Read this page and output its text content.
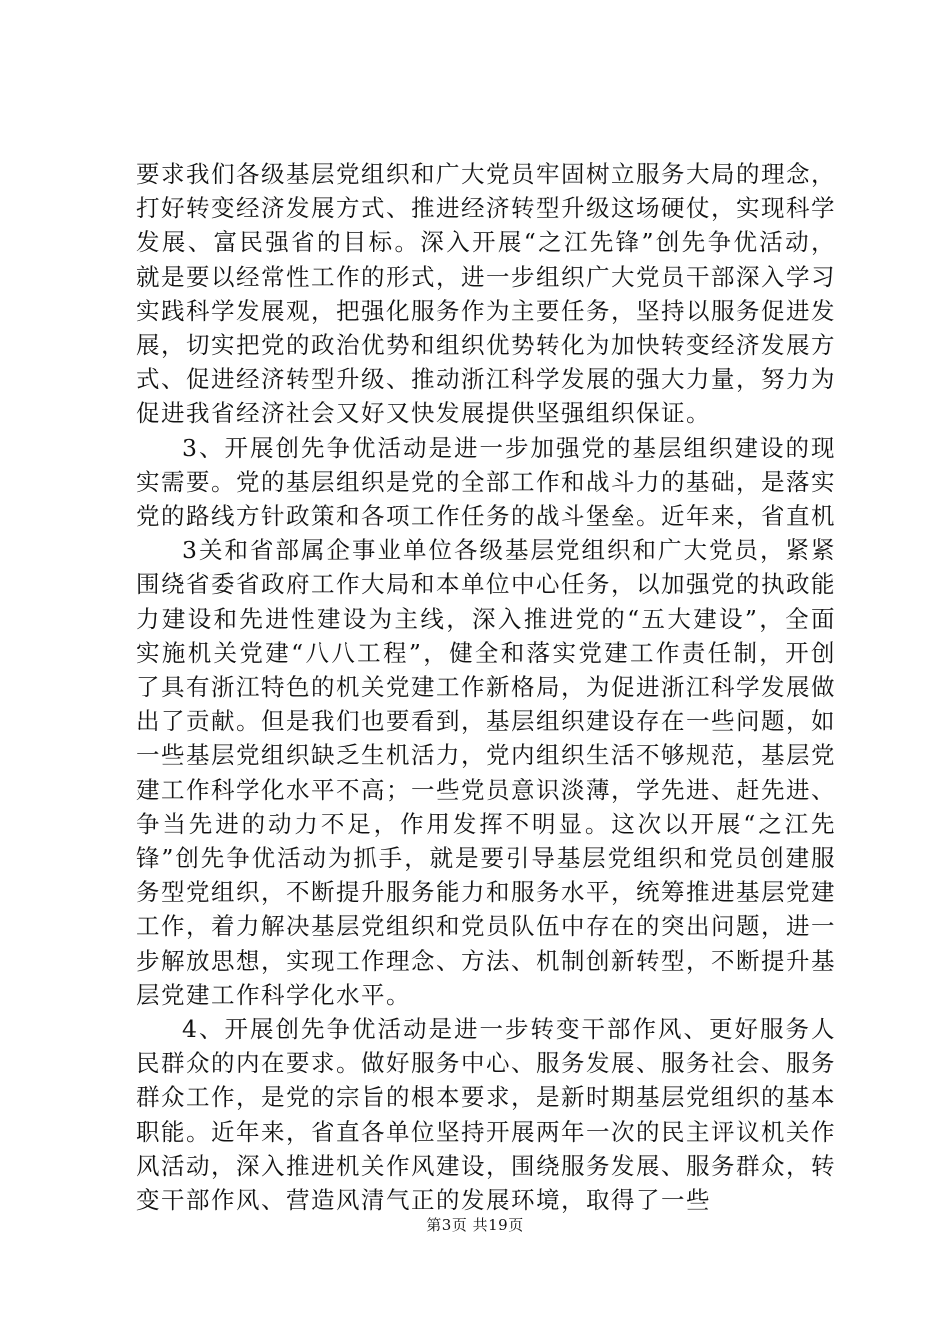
要求我们各级基层党组织和广大党员牢固树立服务大局的理念，打好转变经济发展方式、推进经济转型升级这场硬仗，实现科学发展、富民强省的目标。深入开展“之江先锋”创先争优活动，就是要以经常性工作的形式，进一步组织广大党员干部深入学习实践科学发展观，把强化服务作为主要任务，坚持以服务促进发展，切实把党的政治优势和组织优势转化为加快转变经济发展方式、促进经济转型升级、推动浙江科学发展的强大力量，努力为促进我省经济社会又好又快发展提供坚强组织保证。

3、开展创先争优活动是进一步加强党的基层组织建设的现实需要。党的基层组织是党的全部工作和战斗力的基础，是落实党的路线方针政策和各项工作任务的战斗堡垒。近年来，省直机

3关和省部属企事业单位各级基层党组织和广大党员，紧紧围绕省委省政府工作大局和本单位中心任务，以加强党的执政能力建设和先进性建设为主线，深入推进党的“五大建设”，全面实施机关党建“八八工程”，健全和落实党建工作责任制，开创了具有浙江特色的机关党建工作新格局，为促进浙江科学发展做出了贡献。但是我们也要看到，基层组织建设存在一些问题，如一些基层党组织缺乏生机活力，党内组织生活不够规范，基层党建工作科学化水平不高；一些党员意识淡薄，学先进、赶先进、争当先进的动力不足，作用发挥不明显。这次以开展“之江先锋”创先争优活动为抓手，就是要引导基层党组织和党员创建服务型党组织，不断提升服务能力和服务水平，统筹推进基层党建工作，着力解决基层党组织和党员队伍中存在的突出问题，进一步解放思想，实现工作理念、方法、机制创新转型，不断提升基层党建工作科学化水平。

4、开展创先争优活动是进一步转变干部作风、更好服务人民群众的内在要求。做好服务中心、服务发展、服务社会、服务群众工作，是党的宗旨的根本要求，是新时期基层党组织的基本职能。近年来，省直各单位坚持开展两年一次的民主评议机关作风活动，深入推进机关作风建设，围绕服务发展、服务群众，转变干部作风、营造风清气正的发展环境，取得了一些

第3页 共19页
